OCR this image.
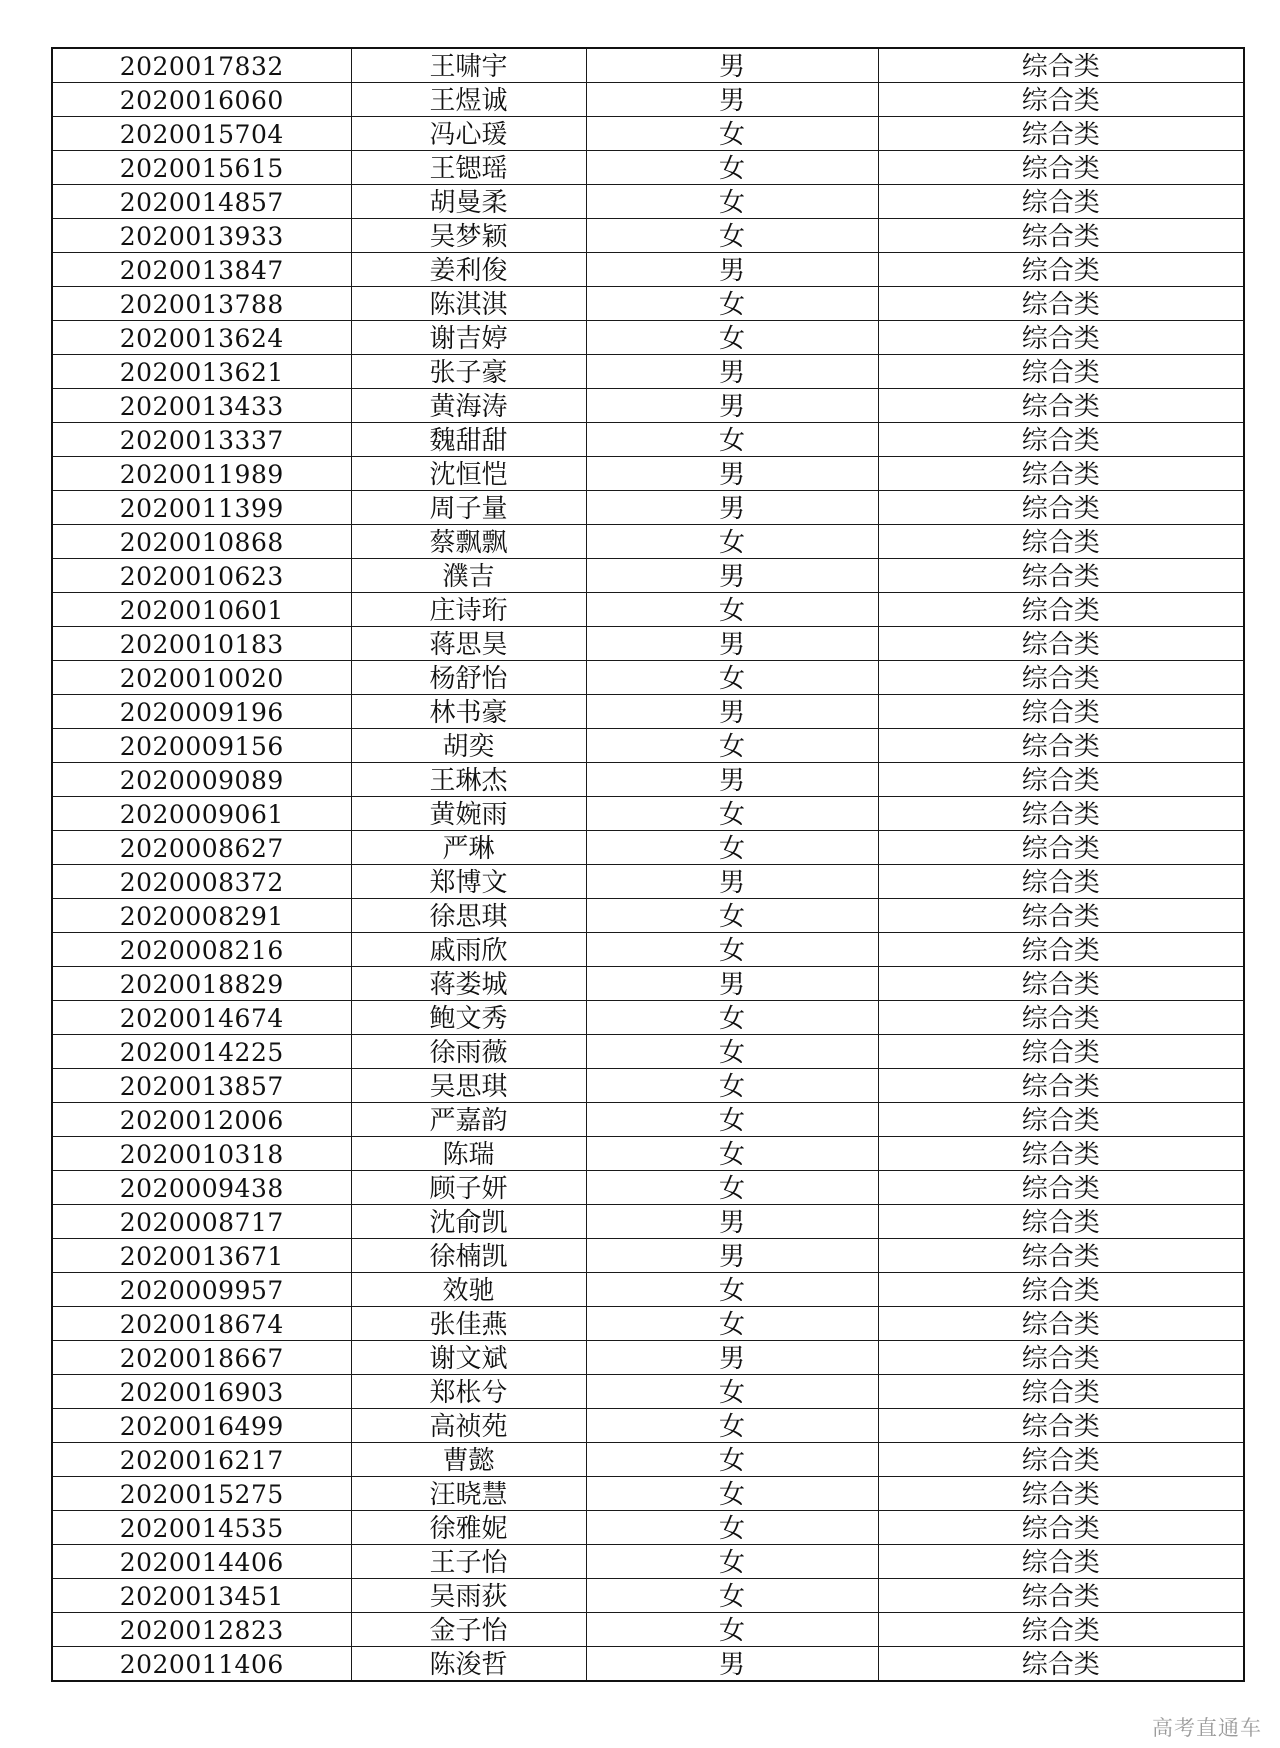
2020017832	王啸宇	男	综合类
2020016060	王煜诚	男	综合类
2020015704	冯心瑗	女	综合类
2020015615	王锶瑶	女	综合类
2020014857	胡曼柔	女	综合类
2020013933	吴梦颖	女	综合类
2020013847	姜利俊	男	综合类
2020013788	陈淇淇	女	综合类
2020013624	谢吉婷	女	综合类
2020013621	张子豪	男	综合类
2020013433	黄海涛	男	综合类
2020013337	魏甜甜	女	综合类
2020011989	沈恒恺	男	综合类
2020011399	周子量	男	综合类
2020010868	蔡飘飘	女	综合类
2020010623	濮吉	男	综合类
2020010601	庄诗珩	女	综合类
2020010183	蒋思昊	男	综合类
2020010020	杨舒怡	女	综合类
2020009196	林书豪	男	综合类
2020009156	胡奕	女	综合类
2020009089	王琳杰	男	综合类
2020009061	黄婉雨	女	综合类
2020008627	严琳	女	综合类
2020008372	郑博文	男	综合类
2020008291	徐思琪	女	综合类
2020008216	戚雨欣	女	综合类
2020018829	蒋娄城	男	综合类
2020014674	鲍文秀	女	综合类
2020014225	徐雨薇	女	综合类
2020013857	吴思琪	女	综合类
2020012006	严嘉韵	女	综合类
2020010318	陈瑞	女	综合类
2020009438	顾子妍	女	综合类
2020008717	沈俞凯	男	综合类
2020013671	徐楠凯	男	综合类
2020009957	效驰	女	综合类
2020018674	张佳燕	女	综合类
2020018667	谢文斌	男	综合类
2020016903	郑枨兮	女	综合类
2020016499	高祯苑	女	综合类
2020016217	曹懿	女	综合类
2020015275	汪晓慧	女	综合类
2020014535	徐雅妮	女	综合类
2020014406	王子怡	女	综合类
2020013451	吴雨荻	女	综合类
2020012823	金子怡	女	综合类
2020011406	陈浚哲	男	综合类
高考直通车
